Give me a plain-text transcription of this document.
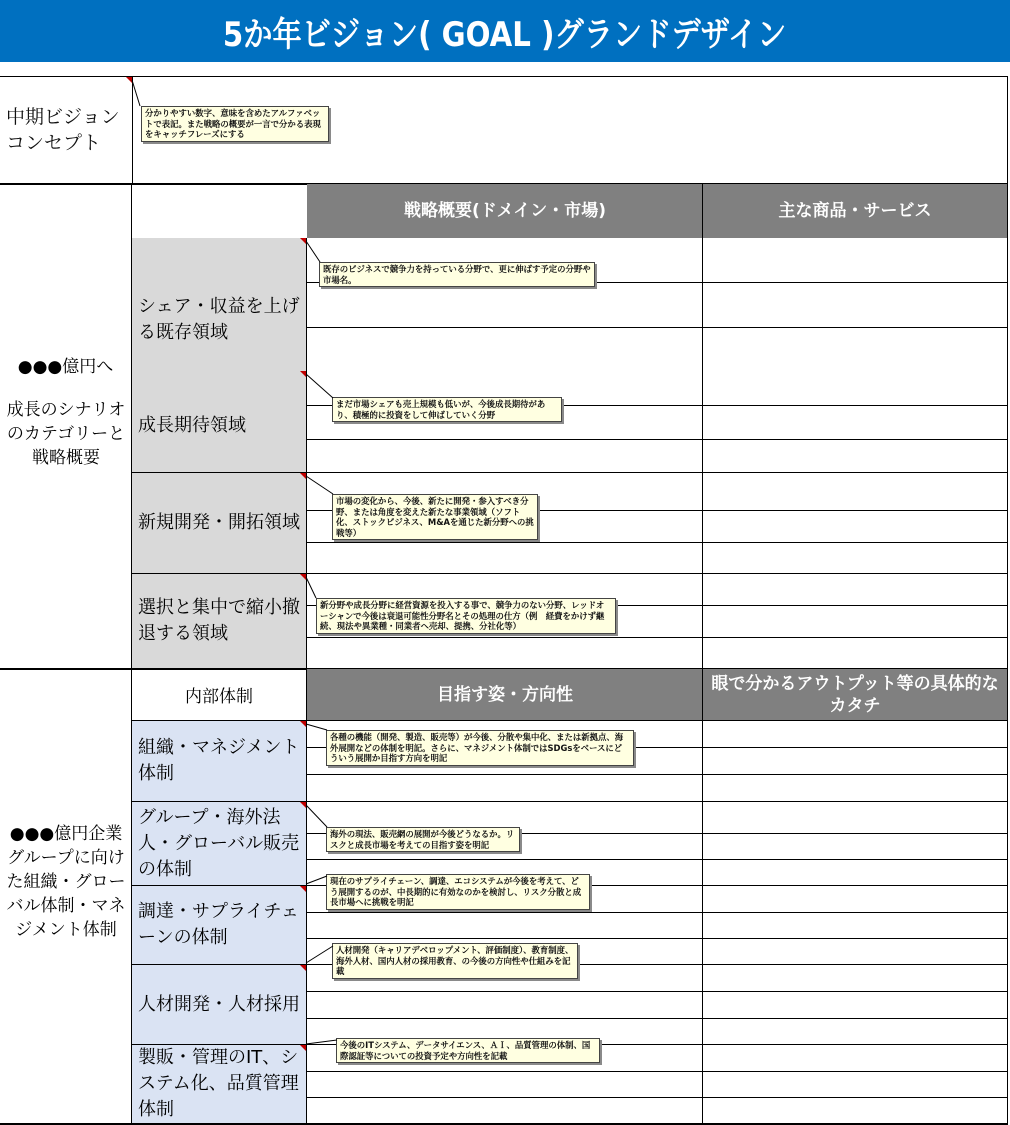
5か年ビジョン( GOAL )グランドデザイン
中期ビジョンコンセプト
分かりやすい数字、意味を含めたアルファベットで表記。また戦略の概要が一言で分かる表現をキャッチフレーズにする
●●●億円へ
成長のシナリオのカテゴリーと戦略概要
戦略概要(ドメイン・市場)	主な商品・サービス
シェア・収益を上げる既存領域
成長期待領域
新規開発・開拓領域
選択と集中で縮小撤退する領域
既存のビジネスで競争力を持っている分野で、更に伸ばす予定の分野や市場名。
まだ市場シェアも売上規模も低いが、今後成長期待があり、積極的に投資をして伸ばしていく分野
市場の変化から、今後、新たに開発・参入すべき分野、または角度を変えた新たな事業領域（ソフト化、ストックビジネス、M&Aを通じた新分野への挑戦等）
新分野や成長分野に経営資源を投入する事で、競争力のない分野、レッドオーシャンで今後は衰退可能性分野名とその処理の仕方（例　経費をかけず継続、現法や異業種・同業者へ売却、提携、分社化等）
●●●億円企業グループに向けた組織・グローバル体制・マネジメント体制
内部体制	目指す姿・方向性
眼で分かるアウトプット等の具体的なカタチ
組織・マネジメント体制
グループ・海外法人・グローバル販売の体制
調達・サプライチェーンの体制
人材開発・人材採用
製販・管理のIT、システム化、品質管理体制
各種の機能（開発、製造、販売等）が今後、分散や集中化、または新拠点、海外展開などの体制を明記。さらに、マネジメント体制ではSDGsをベースにどういう展開か目指す方向を明記
海外の現法、販売網の展開が今後どうなるか。リスクと成長市場を考えての目指す姿を明記
現在のサプライチェーン、調達、エコシステムが今後を考えて、どう展開するのが、中長期的に有効なのかを検討し、リスク分散と成長市場へに挑戦を明記
人材開発（キャリアデベロップメント、評価制度）、教育制度、海外人材、国内人材の採用教育、の今後の方向性や仕組みを記載
今後のITシステム、データサイエンス、ＡＩ、品質管理の体制、国際認証等についての投資予定や方向性を記載
